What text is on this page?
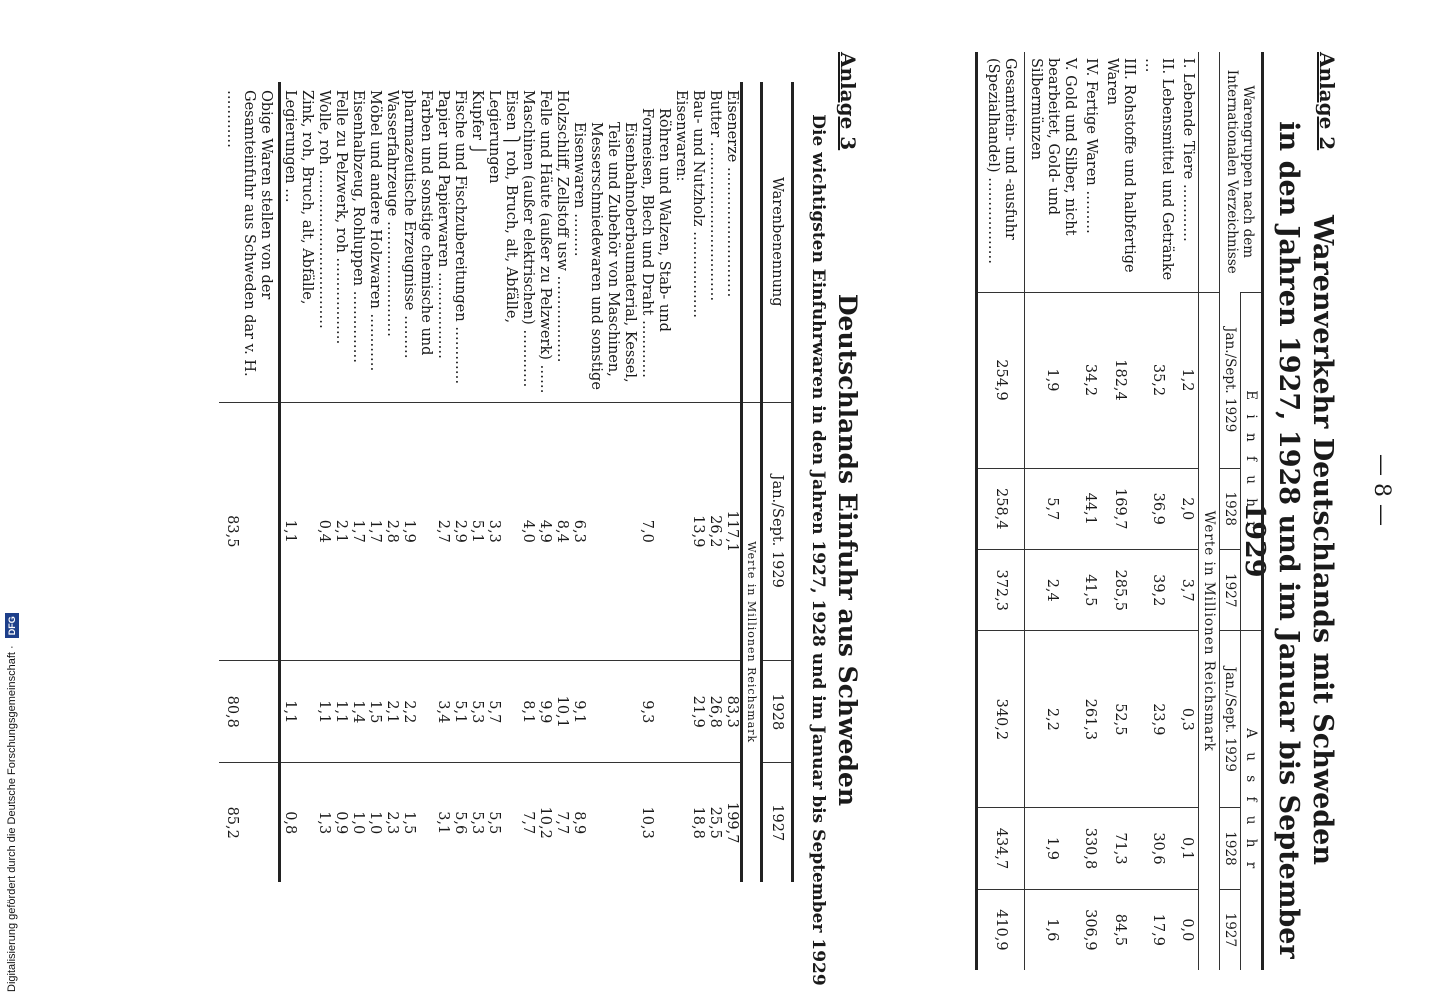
— 8 —
Anlage 2
Warenverkehr Deutschlands mit Schweden
in den Jahren 1927, 1928 und im Januar bis September 1929
Warengruppen nach dem Internationalen Verzeichnisse	E i n f u h r			A u s f u h r		
	Jan./Sept. 1929	1928	1927	Jan./Sept. 1929	1928	1927
	Werte in Millionen Reichsmark					
I. Lebende Tiere …………	1,2	2,0	3,7	0,3	0,1	0,0
II. Lebensmittel und Getränke …	35,2	36,9	39,2	23,9	30,6	17,9
III. Rohstoffe und halbfertige Waren	182,4	169,7	285,5	52,5	71,3	84,5
IV. Fertige Waren ………	34,2	44,1	41,5	261,3	330,8	306,9
V. Gold und Silber, nicht bearbeitet, Gold- und Silbermünzen	1,9	5,7	2,4	2,2	1,9	1,6
Gesamtein- und -ausfuhr (Spezialhandel) ………………	254,9	258,4	372,3	340,2	434,7	410,9
Anlage 3
Deutschlands Einfuhr aus Schweden
Die wichtigsten Einfuhrwaren in den Jahren 1927, 1928 und im Januar bis September 1929
Warenbenennung	Jan./Sept. 1929	1928	1927
	Werte in Millionen Reichsmark		
Eisenerze ………………………	117,1	83,3	199,7
Butter ……………………………	26,2	26,8	25,5
Bau- und Nutzholz ………………	13,9	21,9	18,8
Eisenwaren:			
Röhren und Walzen, Stab- und Formeisen, Blech und Draht …………	7,0	9,3	10,3
Eisenbahnoberbaumaterial, Kessel, Teile und Zubehör von Maschinen, Messerschmiedewaren und sonstige Eisenwaren ………	6,3	9,1	8,9
Holzschliff, Zellstoff usw ………………	8,4	10,1	7,7
Felle und Häute (außer zu Pelzwerk) ……	4,9	9,9	10,2
Maschinen (außer elektrischen) …………	4,0	8,1	7,7
Eisen ⎫ roh, Bruch, alt, Abfälle, Legierungen	3,3	5,7	5,5
Kupfer ⎭	5,1	5,3	5,3
Fische und Fischzubereitungen …………	2,9	5,1	5,6
Papier und Papierwaren ………………	2,7	3,4	3,1
Farben und sonstige chemische und pharmazeutische Erzeugnisse ………	1,9	2,2	1,5
Wasserfahrzeuge ……………………	2,8	2,1	2,3
Möbel und andere Holzwaren …………	1,7	1,5	1,0
Eisenhalbzeug, Rohluppen ……………	1,7	1,4	1,0
Felle zu Pelzwerk, roh ………………	2,1	1,1	0,9
Wolle, roh ……………………………	0,4	1,1	1,3
Zink, roh, Bruch, alt, Abfälle, Legierungen …	1,1	1,1	0,8
Obige Waren stellen von der Gesamteinfuhr aus Schweden dar v. H. …………	83,5	80,8	85,2
Digitalisierung gefördert durch die Deutsche Forschungsgemeinschaft · DFG
